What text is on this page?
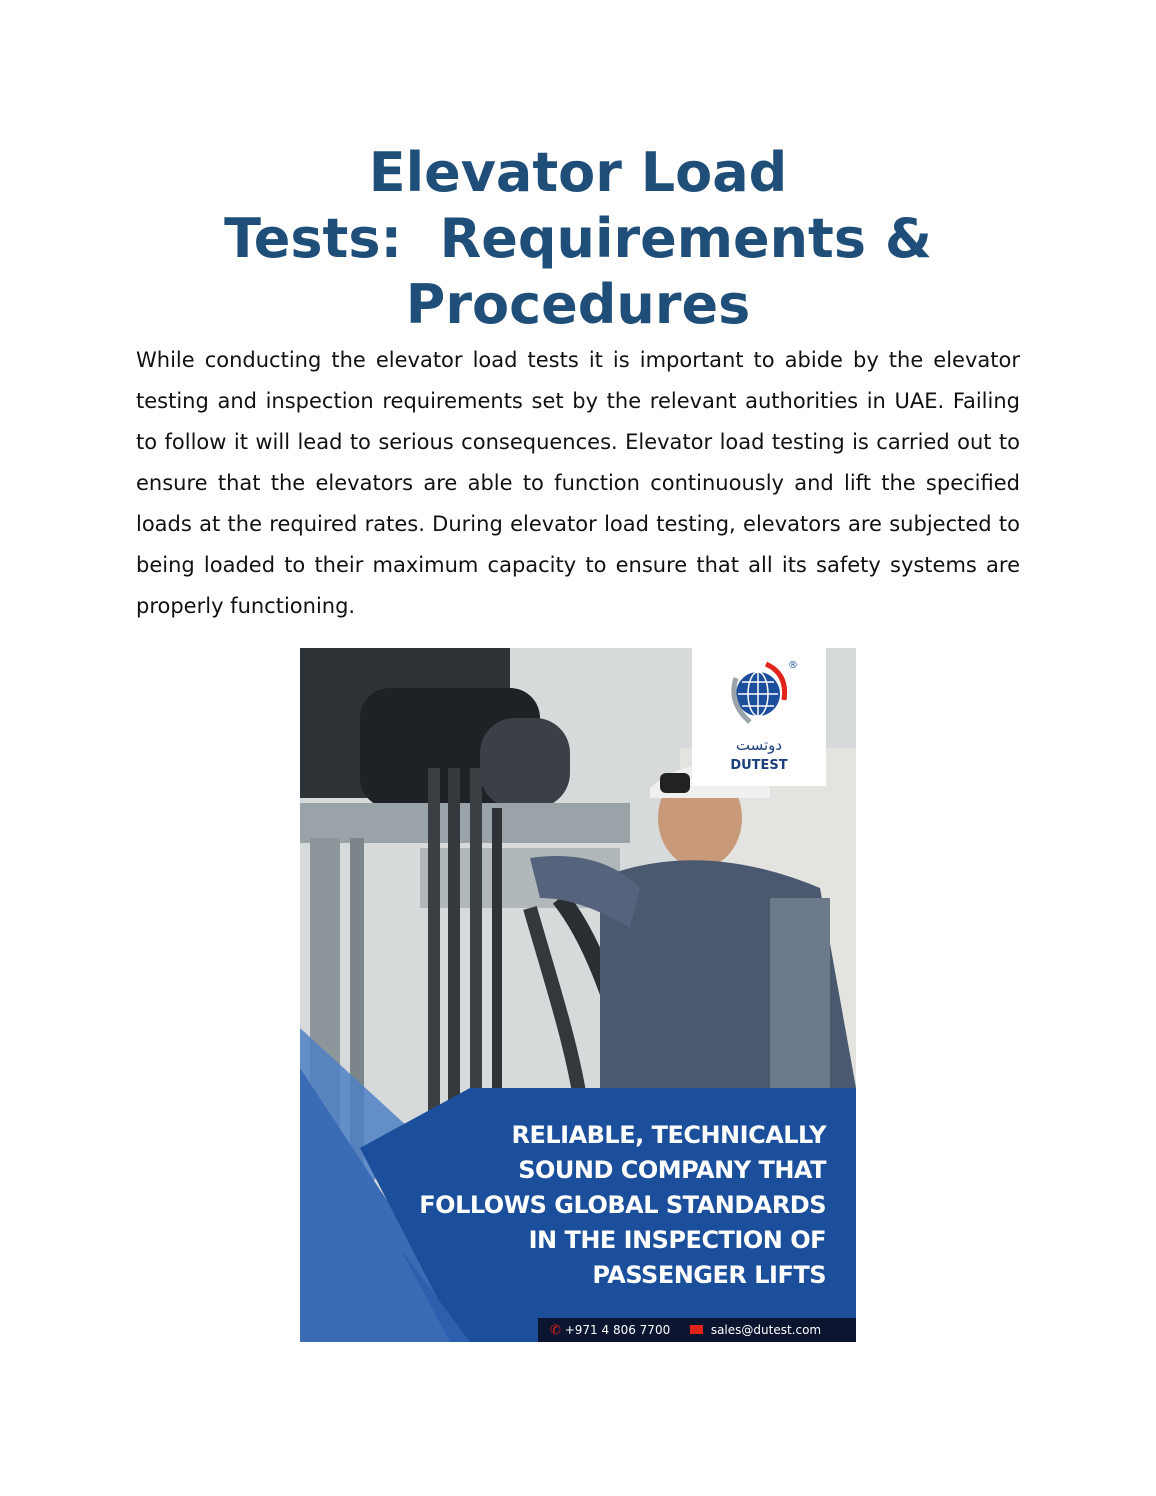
Elevator Load
Tests:  Requirements &
Procedures

While conducting the elevator load tests it is important to abide by the elevator testing and inspection requirements set by the relevant authorities in UAE. Failing to follow it will lead to serious consequences. Elevator load testing is carried out to ensure that the elevators are able to function continuously and lift the specified loads at the required rates. During elevator load testing, elevators are subjected to being loaded to their maximum capacity to ensure that all its safety systems are properly functioning.

®
دوتست
DUTEST
RELIABLE, TECHNICALLY
SOUND COMPANY THAT
FOLLOWS GLOBAL STANDARDS
IN THE INSPECTION OF
PASSENGER LIFTS
✆ +971 4 806 7700	sales@dutest.com
